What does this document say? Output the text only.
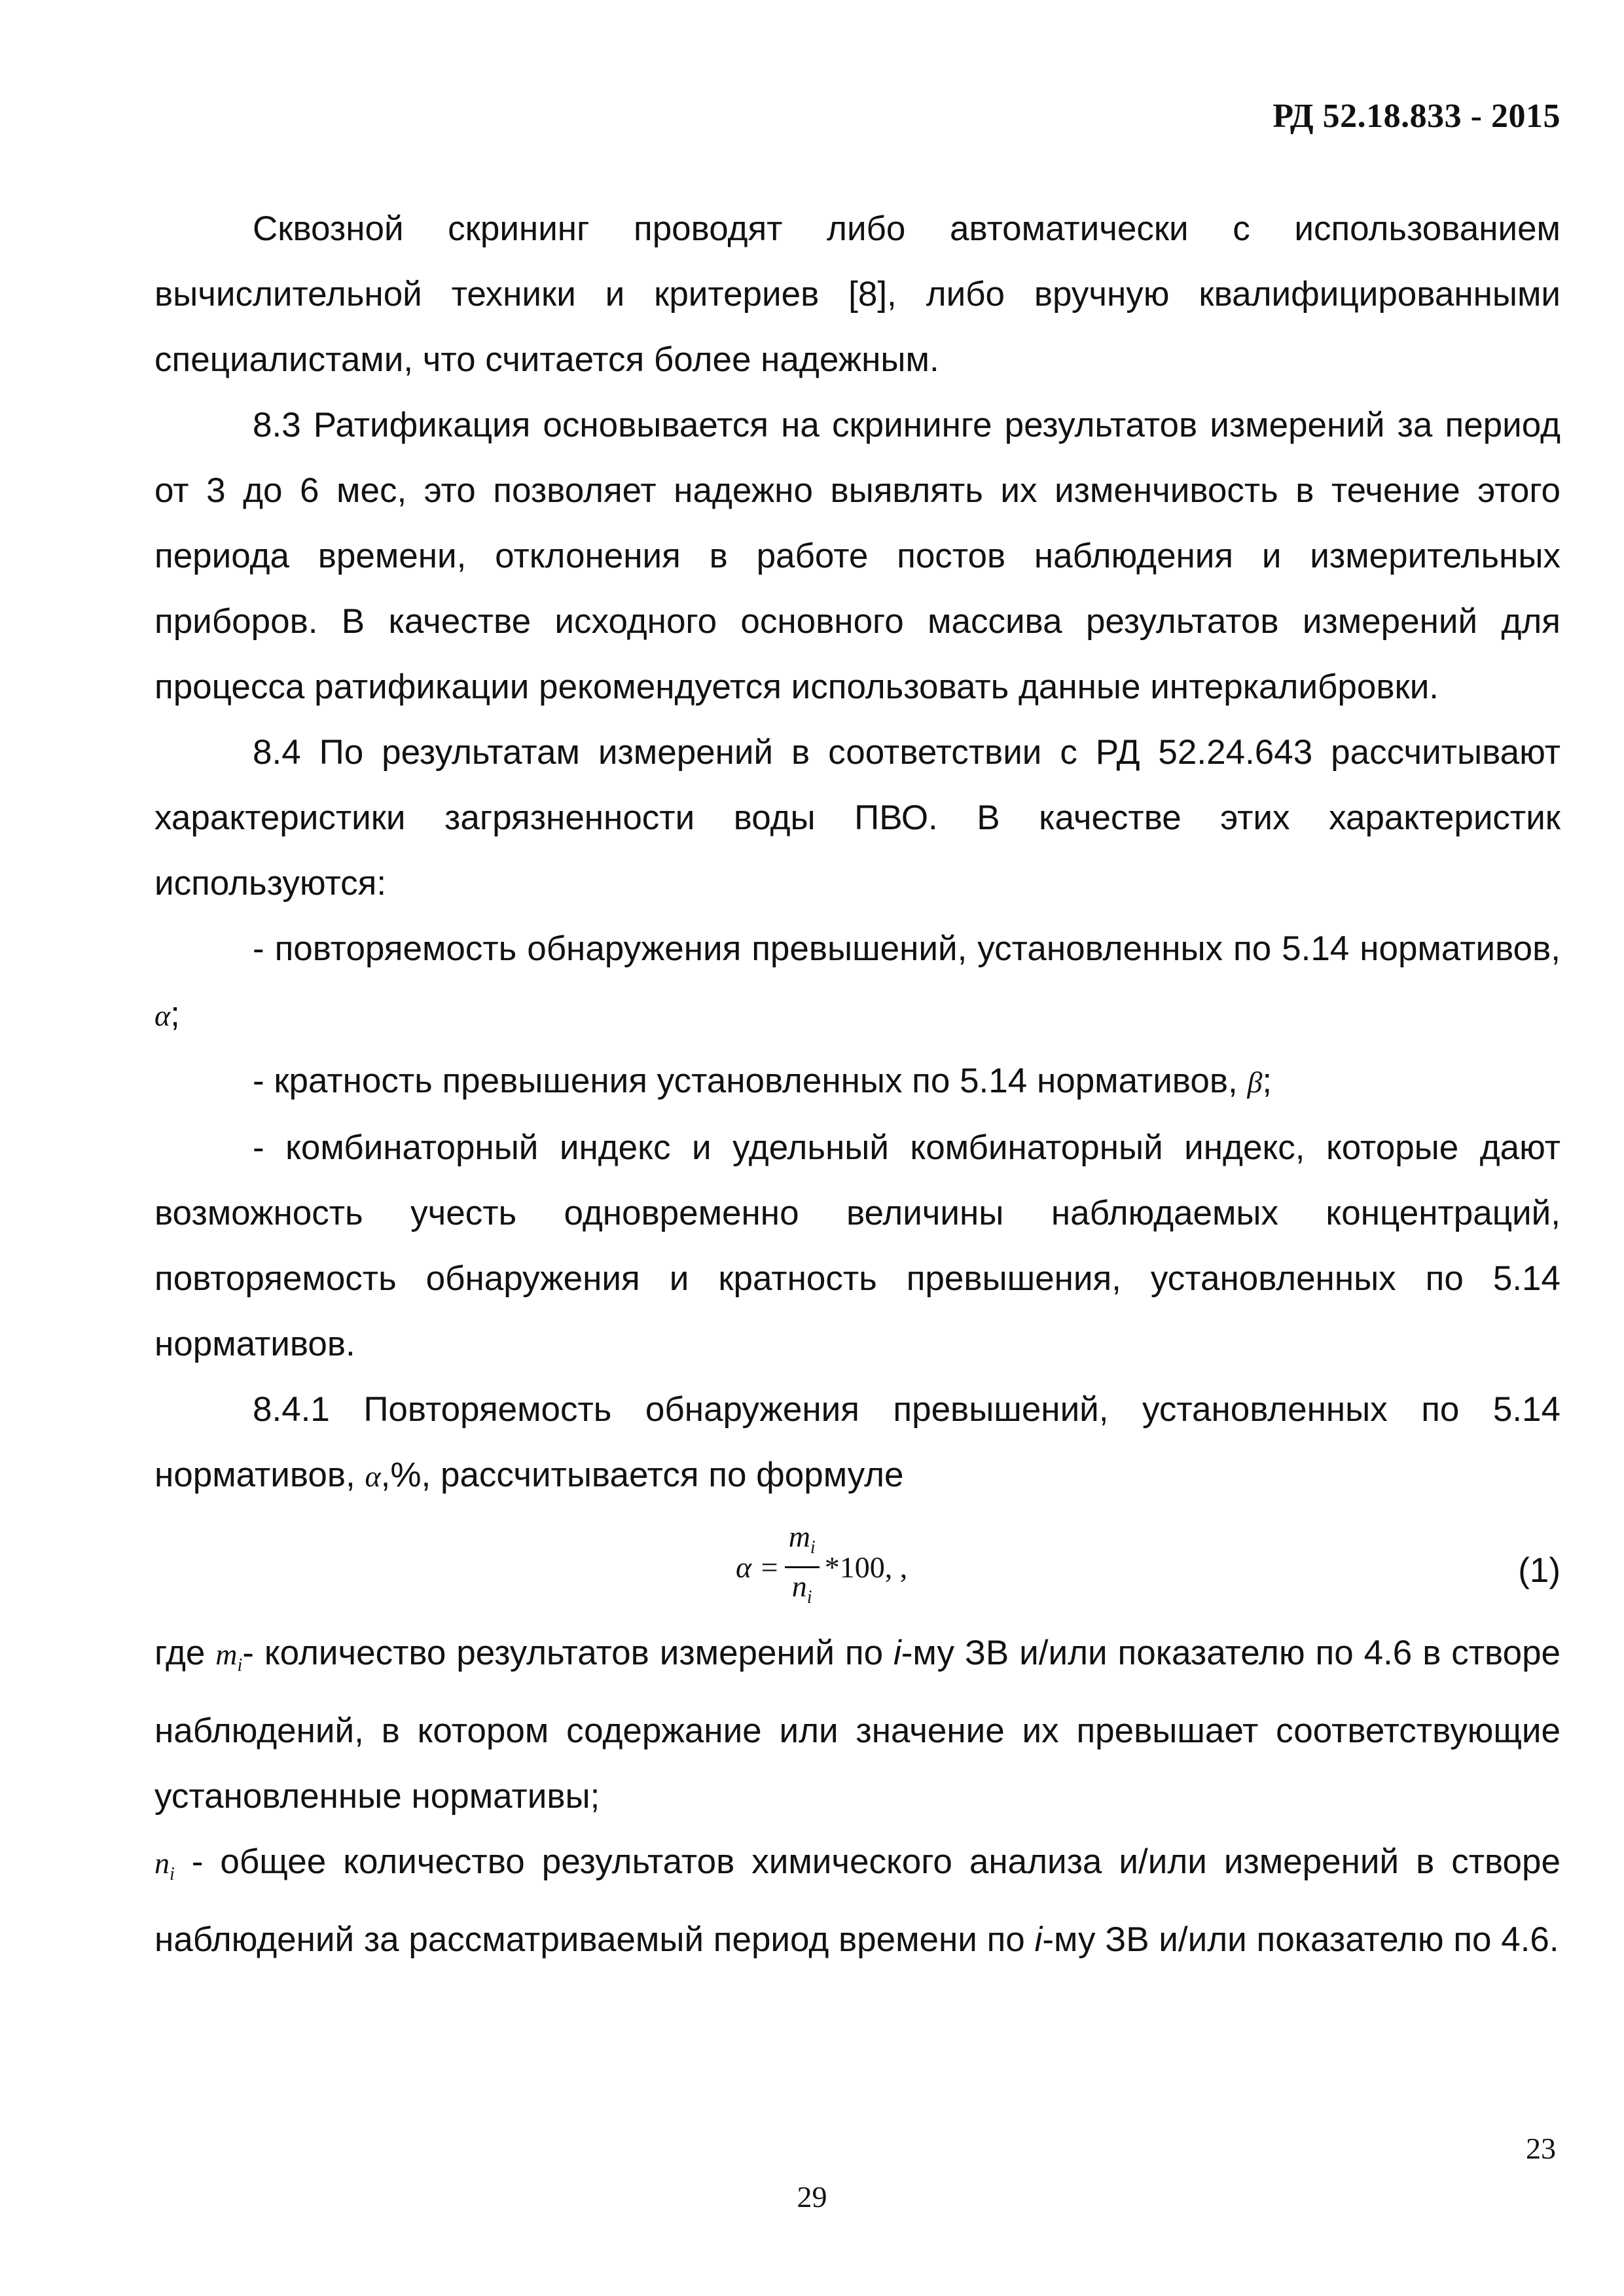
РД 52.18.833 - 2015

Сквозной скрининг проводят либо автоматически с использованием вычислительной техники и критериев [8], либо вручную квалифицированными специалистами, что считается более надежным.

8.3 Ратификация основывается на скрининге результатов измерений за период от 3 до 6 мес, это позволяет надежно выявлять их изменчивость в течение этого периода времени, отклонения в работе постов наблюдения и измерительных приборов. В качестве исходного основного массива результатов измерений для процесса ратификации рекомендуется использовать данные интеркалибровки.

8.4 По результатам измерений в соответствии с РД 52.24.643 рассчитывают характеристики загрязненности воды ПВО. В качестве этих характеристик используются:

- повторяемость обнаружения превышений, установленных по 5.14 нормативов, α;

- кратность превышения установленных по 5.14 нормативов, β;

- комбинаторный индекс и удельный комбинаторный индекс, которые дают возможность учесть одновременно величины наблюдаемых концентраций, повторяемость обнаружения и кратность превышения, установленных по 5.14 нормативов.

8.4.1 Повторяемость обнаружения превышений, установленных по 5.14 нормативов, α,%, рассчитывается по формуле

$\alpha = \frac{m_i}{n_i} *100$, ,	(1)

где $m_i-$ количество результатов измерений по i-му ЗВ и/или показателю по 4.6 в створе наблюдений, в котором содержание или значение их превышает соответствующие установленные нормативы;

$n_i$ - общее количество результатов химического анализа и/или измерений в створе наблюдений за рассматриваемый период времени по i-му ЗВ и/или показателю по 4.6.

23
29
